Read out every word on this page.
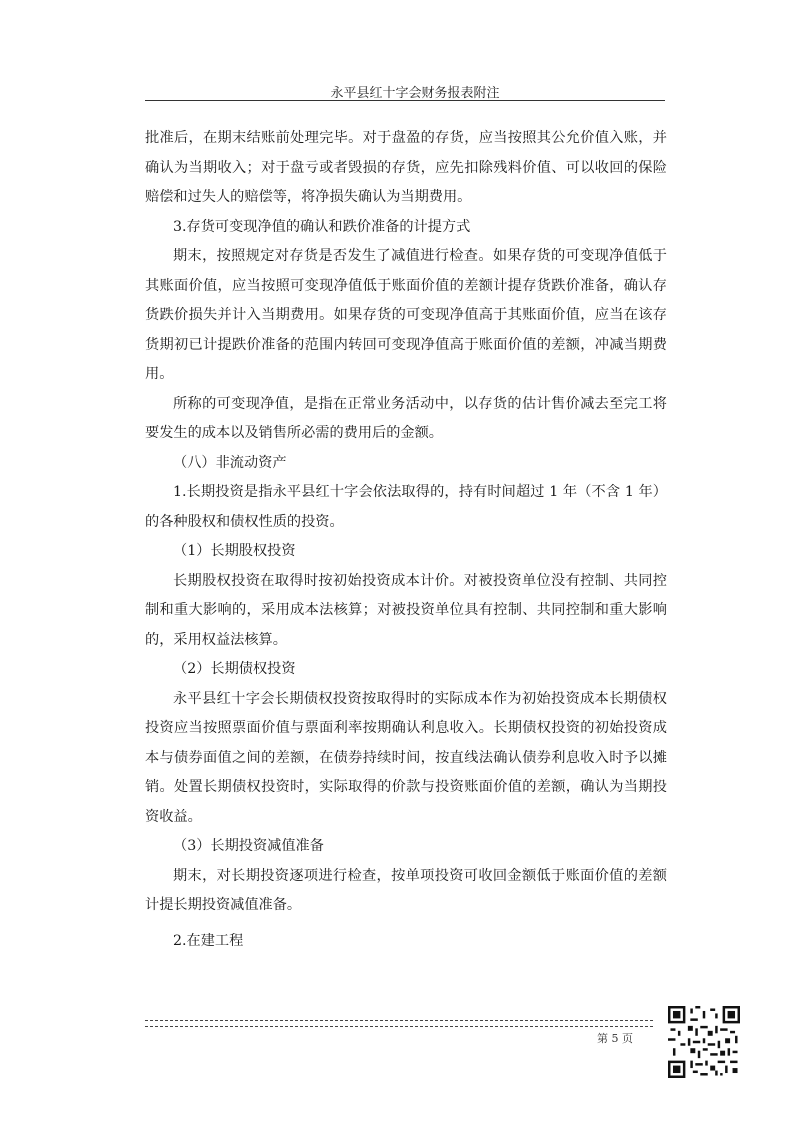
永平县红十字会财务报表附注

批准后，在期末结账前处理完毕。对于盘盈的存货，应当按照其公允价值入账，并确认为当期收入；对于盘亏或者毁损的存货，应先扣除残料价值、可以收回的保险赔偿和过失人的赔偿等，将净损失确认为当期费用。

3.存货可变现净值的确认和跌价准备的计提方式

期末，按照规定对存货是否发生了减值进行检查。如果存货的可变现净值低于其账面价值，应当按照可变现净值低于账面价值的差额计提存货跌价准备，确认存货跌价损失并计入当期费用。如果存货的可变现净值高于其账面价值，应当在该存货期初已计提跌价准备的范围内转回可变现净值高于账面价值的差额，冲减当期费用。

所称的可变现净值，是指在正常业务活动中，以存货的估计售价减去至完工将要发生的成本以及销售所必需的费用后的金额。

（八）非流动资产

1.长期投资是指永平县红十字会依法取得的，持有时间超过 1 年（不含 1 年）的各种股权和债权性质的投资。

（1）长期股权投资

长期股权投资在取得时按初始投资成本计价。对被投资单位没有控制、共同控制和重大影响的，采用成本法核算；对被投资单位具有控制、共同控制和重大影响的，采用权益法核算。

（2）长期债权投资

永平县红十字会长期债权投资按取得时的实际成本作为初始投资成本长期债权投资应当按照票面价值与票面利率按期确认利息收入。长期债权投资的初始投资成本与债券面值之间的差额，在债券持续时间，按直线法确认债券利息收入时予以摊销。处置长期债权投资时，实际取得的价款与投资账面价值的差额，确认为当期投资收益。

（3）长期投资减值准备

期末，对长期投资逐项进行检查，按单项投资可收回金额低于账面价值的差额计提长期投资减值准备。

2.在建工程

第 5 页
